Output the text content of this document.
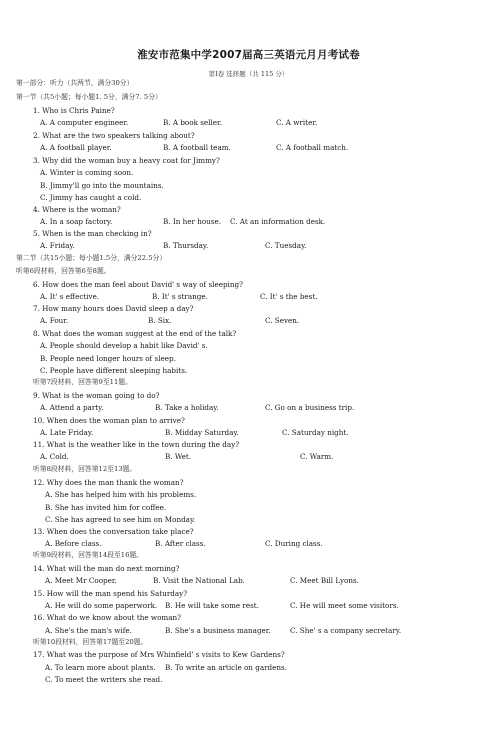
淮安市范集中学2007届高三英语元月月考试卷
第Ⅰ卷 选择题（共 115 分）
第一部分：听力（共两节，满分30分）
第一节（共5小题；每小题1. 5分，满分7. 5分）
1. Who is Chris Paine?
A. A computer engineer.	B. A book seller.	C. A writer.
2. What are the two speakers talking about?
A. A football player.	B. A football team.	C. A football match.
3. Why did the woman buy a heavy coat for Jimmy?
A. Winter is coming soon.
B. Jimmy'll go into the mountains.
C. Jimmy has caught a cold.
4. Where is the woman?
A. In a soap factory.	B. In her house. C. At an information desk.
5. When is the man checking in?
A. Friday.	B. Thursday.	C. Tuesday.
第二节（共15小题；每小题1.5分，满分22.5分）
听第6段材料，回答第6至8题。
6. How does the man feel about David' s way of sleeping?
A. It' s effective.	B. It' s strange.	C. It' s the best.
7. How many hours does David sleep a day?
A. Four.	B. Six.	C. Seven.
8. What does the woman suggest at the end of the talk?
A. People should develop a habit like David' s.
B. People need longer hours of sleep.
C. People have different sleeping habits.
听第7段材料，回答第9至11题。
9. What is the woman going to do?
A. Attend a party.	B. Take a holiday.	C. Go on a business trip.
10. When does the woman plan to arrive?
A. Late Friday.	B. Midday Saturday.	C. Saturday night.
11. What is the weather like in the town during the day?
A. Cold.	B. Wet.	C. Warm.
听第8段材料，回答第12至13题。
12. Why does the man thank the woman?
A. She has helped him with his problems.
B. She has invited him for coffee.
C. She has agreed to see him on Monday.
13. When does the conversation take place?
A. Before class.	B. After class.	C. During class.
听第9段材料，回答第14段至16题。
14. What will the man do next morning?
A. Meet Mr Cooper.	B. Visit the National Lab.	C. Meet Bill Lyons.
15. How will the man spend his Saturday?
A. He will do some paperwork. B. He will take some rest.	C. He will meet some visitors.
16. What do we know about the woman?
A. She's the man's wife.	B. She's a business manager.	C. She' s a company secretary.
听第10段材料，回答第17题至20题。
17. What was the purpose of Mrs Whinfield' s visits to Kew Gardens?
A. To learn more about plants. B. To write an article on gardens.
C. To meet the writers she read.
